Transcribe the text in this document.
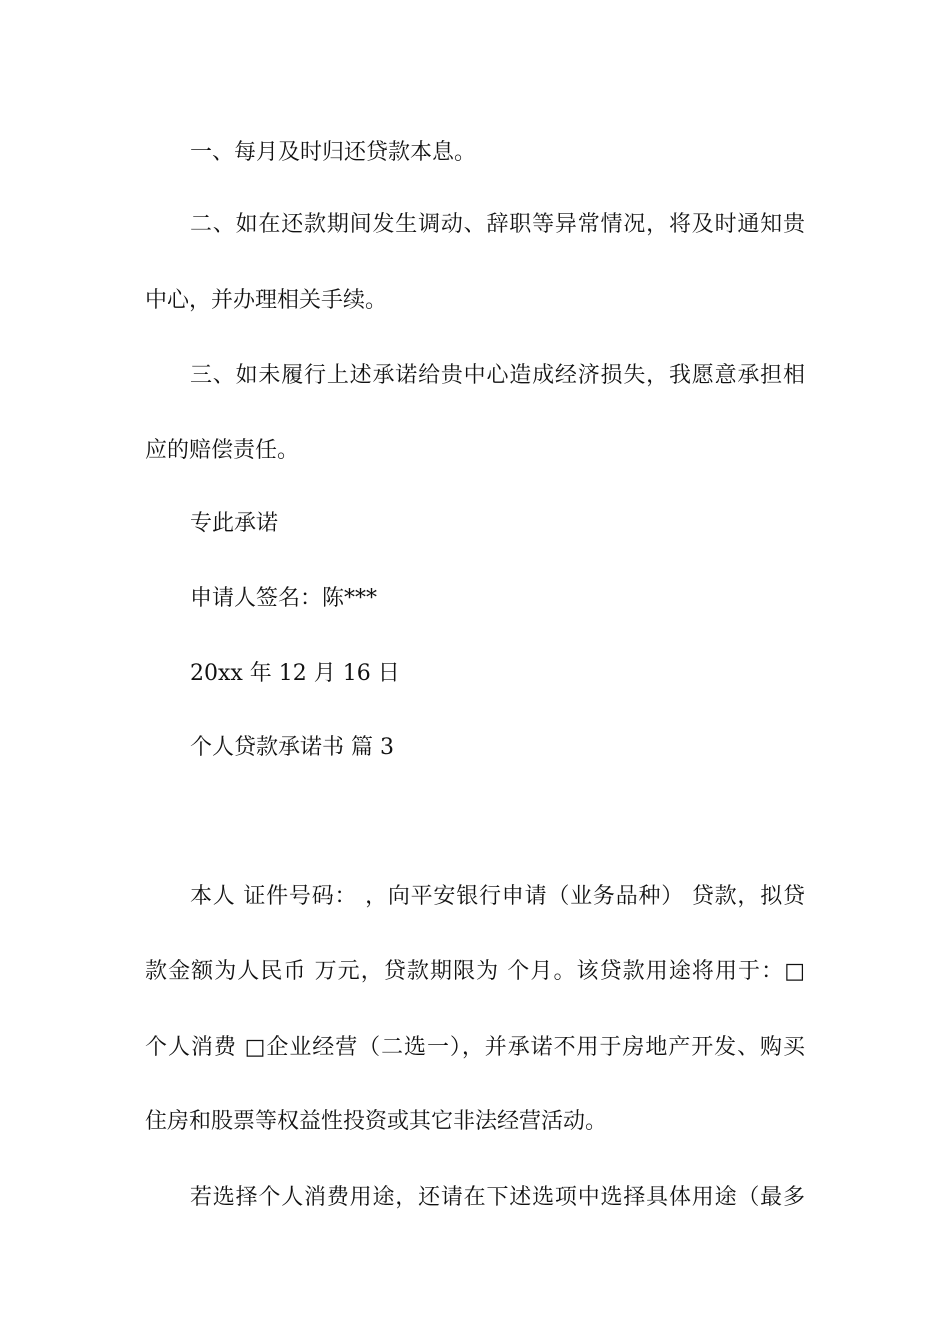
一、每月及时归还贷款本息。
二、如在还款期间发生调动、辞职等异常情况，将及时通知贵
中心，并办理相关手续。
三、如未履行上述承诺给贵中心造成经济损失，我愿意承担相
应的赔偿责任。
专此承诺
申请人签名：陈***
20xx 年 12 月 16 日
个人贷款承诺书 篇 3
本人 证件号码： ，向平安银行申请（业务品种） 贷款，拟贷
款金额为人民币 万元，贷款期限为 个月。该贷款用途将用于：□
个人消费 □企业经营（二选一），并承诺不用于房地产开发、购买
住房和股票等权益性投资或其它非法经营活动。
若选择个人消费用途，还请在下述选项中选择具体用途（最多
